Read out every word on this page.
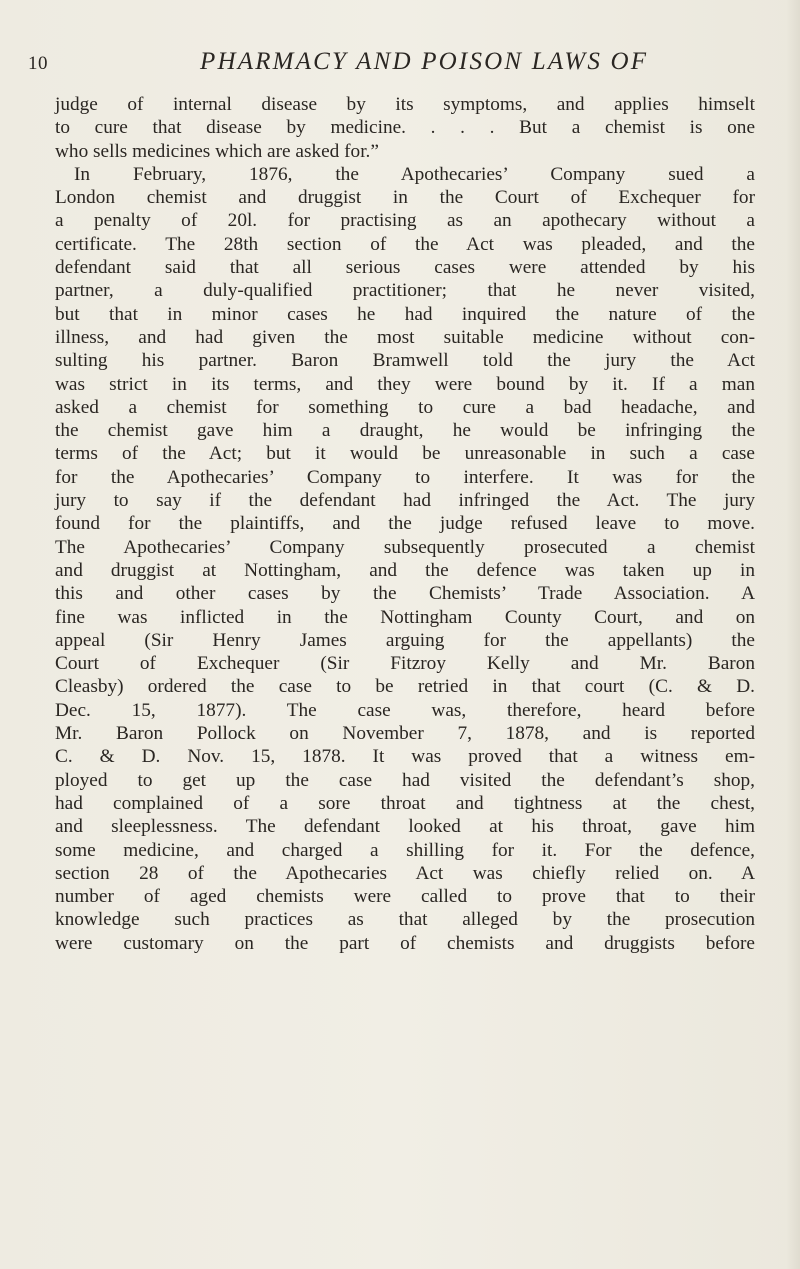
10	PHARMACY AND POISON LAWS OF
judge of internal disease by its symptoms, and applies himselt
to cure that disease by medicine. . . . But a chemist is one
who sells medicines which are asked for.”
In February, 1876, the Apothecaries’ Company sued a
London chemist and druggist in the Court of Exchequer for
a penalty of 20l. for practising as an apothecary without a
certificate. The 28th section of the Act was pleaded, and the
defendant said that all serious cases were attended by his
partner, a duly-qualified practitioner; that he never visited,
but that in minor cases he had inquired the nature of the
illness, and had given the most suitable medicine without con-
sulting his partner. Baron Bramwell told the jury the Act
was strict in its terms, and they were bound by it. If a man
asked a chemist for something to cure a bad headache, and
the chemist gave him a draught, he would be infringing the
terms of the Act; but it would be unreasonable in such a case
for the Apothecaries’ Company to interfere. It was for the
jury to say if the defendant had infringed the Act. The jury
found for the plaintiffs, and the judge refused leave to move.
The Apothecaries’ Company subsequently prosecuted a chemist
and druggist at Nottingham, and the defence was taken up in
this and other cases by the Chemists’ Trade Association. A
fine was inflicted in the Nottingham County Court, and on
appeal (Sir Henry James arguing for the appellants) the
Court of Exchequer (Sir Fitzroy Kelly and Mr. Baron
Cleasby) ordered the case to be retried in that court (C. & D.
Dec. 15, 1877). The case was, therefore, heard before
Mr. Baron Pollock on November 7, 1878, and is reported
C. & D. Nov. 15, 1878. It was proved that a witness em-
ployed to get up the case had visited the defendant’s shop,
had complained of a sore throat and tightness at the chest,
and sleeplessness. The defendant looked at his throat, gave him
some medicine, and charged a shilling for it. For the defence,
section 28 of the Apothecaries Act was chiefly relied on. A
number of aged chemists were called to prove that to their
knowledge such practices as that alleged by the prosecution
were customary on the part of chemists and druggists before
